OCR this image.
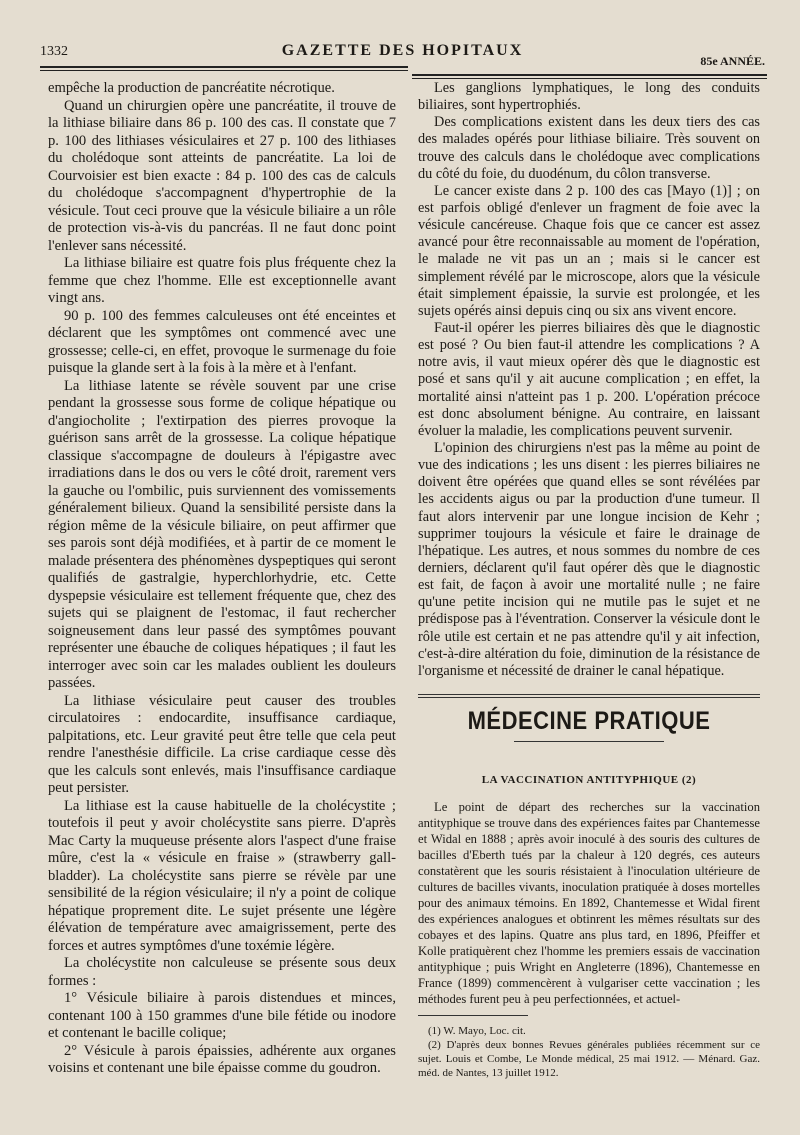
1332	GAZETTE DES HOPITAUX
85e ANNÉE.

empêche la production de pancréatite nécrotique.

Quand un chirurgien opère une pancréatite, il trouve de la lithiase biliaire dans 86 p. 100 des cas. Il constate que 7 p. 100 des lithiases vésiculaires et 27 p. 100 des lithiases du cholédoque sont atteints de pancréatite. La loi de Courvoisier est bien exacte : 84 p. 100 des cas de calculs du cholédoque s'accompagnent d'hypertrophie de la vésicule. Tout ceci prouve que la vésicule biliaire a un rôle de protection vis-à-vis du pancréas. Il ne faut donc point l'enlever sans nécessité.

La lithiase biliaire est quatre fois plus fréquente chez la femme que chez l'homme. Elle est exceptionnelle avant vingt ans.

90 p. 100 des femmes calculeuses ont été enceintes et déclarent que les symptômes ont commencé avec une grossesse; celle-ci, en effet, provoque le surmenage du foie puisque la glande sert à la fois à la mère et à l'enfant.

La lithiase latente se révèle souvent par une crise pendant la grossesse sous forme de colique hépatique ou d'angiocholite ; l'extirpation des pierres provoque la guérison sans arrêt de la grossesse. La colique hépatique classique s'accompagne de douleurs à l'épigastre avec irradiations dans le dos ou vers le côté droit, rarement vers la gauche ou l'ombilic, puis surviennent des vomissements généralement bilieux. Quand la sensibilité persiste dans la région même de la vésicule biliaire, on peut affirmer que ses parois sont déjà modifiées, et à partir de ce moment le malade présentera des phénomènes dyspeptiques qui seront qualifiés de gastralgie, hyperchlorhydrie, etc. Cette dyspepsie vésiculaire est tellement fréquente que, chez des sujets qui se plaignent de l'estomac, il faut rechercher soigneusement dans leur passé des symptômes pouvant représenter une ébauche de coliques hépatiques ; il faut les interroger avec soin car les malades oublient les douleurs passées.

La lithiase vésiculaire peut causer des troubles circulatoires : endocardite, insuffisance cardiaque, palpitations, etc. Leur gravité peut être telle que cela peut rendre l'anesthésie difficile. La crise cardiaque cesse dès que les calculs sont enlevés, mais l'insuffisance cardiaque peut persister.

La lithiase est la cause habituelle de la cholécystite ; toutefois il peut y avoir cholécystite sans pierre. D'après Mac Carty la muqueuse présente alors l'aspect d'une fraise mûre, c'est la « vésicule en fraise » (strawberry gall-bladder). La cholécystite sans pierre se révèle par une sensibilité de la région vésiculaire; il n'y a point de colique hépatique proprement dite. Le sujet présente une légère élévation de température avec amaigrissement, perte des forces et autres symptômes d'une toxémie légère.

La cholécystite non calculeuse se présente sous deux formes :

1° Vésicule biliaire à parois distendues et minces, contenant 100 à 150 grammes d'une bile fétide ou inodore et contenant le bacille colique;

2° Vésicule à parois épaissies, adhérente aux organes voisins et contenant une bile épaisse comme du goudron.

Les ganglions lymphatiques, le long des conduits biliaires, sont hypertrophiés.

Des complications existent dans les deux tiers des cas des malades opérés pour lithiase biliaire. Très souvent on trouve des calculs dans le cholédoque avec complications du côté du foie, du duodénum, du côlon transverse.

Le cancer existe dans 2 p. 100 des cas [Mayo (1)] ; on est parfois obligé d'enlever un fragment de foie avec la vésicule cancéreuse. Chaque fois que ce cancer est assez avancé pour être reconnaissable au moment de l'opération, le malade ne vit pas un an ; mais si le cancer est simplement révélé par le microscope, alors que la vésicule était simplement épaissie, la survie est prolongée, et les sujets opérés ainsi depuis cinq ou six ans vivent encore.

Faut-il opérer les pierres biliaires dès que le diagnostic est posé ? Ou bien faut-il attendre les complications ? A notre avis, il vaut mieux opérer dès que le diagnostic est posé et sans qu'il y ait aucune complication ; en effet, la mortalité ainsi n'atteint pas 1 p. 200. L'opération précoce est donc absolument bénigne. Au contraire, en laissant évoluer la maladie, les complications peuvent survenir.

L'opinion des chirurgiens n'est pas la même au point de vue des indications ; les uns disent : les pierres biliaires ne doivent être opérées que quand elles se sont révélées par les accidents aigus ou par la production d'une tumeur. Il faut alors intervenir par une longue incision de Kehr ; supprimer toujours la vésicule et faire le drainage de l'hépatique. Les autres, et nous sommes du nombre de ces derniers, déclarent qu'il faut opérer dès que le diagnostic est fait, de façon à avoir une mortalité nulle ; ne faire qu'une petite incision qui ne mutile pas le sujet et ne prédispose pas à l'éventration. Conserver la vésicule dont le rôle utile est certain et ne pas attendre qu'il y ait infection, c'est-à-dire altération du foie, diminution de la résistance de l'organisme et nécessité de drainer le canal hépatique.

MÉDECINE PRATIQUE
LA VACCINATION ANTITYPHIQUE (2)

Le point de départ des recherches sur la vaccination antityphique se trouve dans des expériences faites par Chantemesse et Widal en 1888 ; après avoir inoculé à des souris des cultures de bacilles d'Eberth tués par la chaleur à 120 degrés, ces auteurs constatèrent que les souris résistaient à l'inoculation ultérieure de cultures de bacilles vivants, inoculation pratiquée à doses mortelles pour des animaux témoins. En 1892, Chantemesse et Widal firent des expériences analogues et obtinrent les mêmes résultats sur des cobayes et des lapins. Quatre ans plus tard, en 1896, Pfeiffer et Kolle pratiquèrent chez l'homme les premiers essais de vaccination antityphique ; puis Wright en Angleterre (1896), Chantemesse en France (1899) commencèrent à vulgariser cette vaccination ; les méthodes furent peu à peu perfectionnées, et actuel-

(1) W. Mayo, Loc. cit.

(2) D'après deux bonnes Revues générales publiées récemment sur ce sujet. Louis et Combe, Le Monde médical, 25 mai 1912. — Ménard. Gaz. méd. de Nantes, 13 juillet 1912.
